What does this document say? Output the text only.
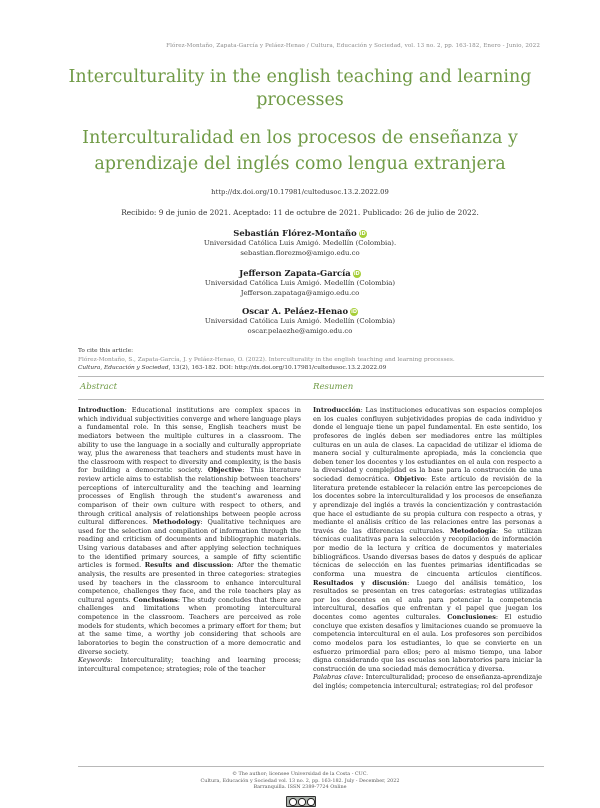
Flórez-Montaño, Zapata-García y Peláez-Henao / Cultura, Educación y Sociedad, vol. 13 no. 2, pp. 163-182, Enero - Junio, 2022
Interculturality in the english teaching and learning processes
Interculturalidad en los procesos de enseñanza y aprendizaje del inglés como lengua extranjera
http://dx.doi.org/10.17981/cultedusoc.13.2.2022.09
Recibido: 9 de junio de 2021. Aceptado: 11 de octubre de 2021. Publicado: 26 de julio de 2022.
Sebastián Flórez-Montaño iD
Universidad Católica Luis Amigó. Medellín (Colombia).
sebastian.florezmo@amigo.edu.co
Jefferson Zapata-García iD
Universidad Católica Luis Amigó. Medellín (Colombia)
Jefferson.zapataga@amigo.edu.co
Oscar A. Peláez-Henao iD
Universidad Católica Luis Amigó. Medellín (Colombia)
oscar.pelaezhe@amigo.edu.co
To cite this article:
Flórez-Montaño, S., Zapata-García, J. y Peláez-Henao, O. (2022). Interculturality in the english teaching and learning processes.
Cultura, Educación y Sociedad, 13(2), 163-182. DOI: http://dx.doi.org/10.17981/cultedusoc.13.2.2022.09
Abstract	Resumen
Introduction: Educational institutions are complex spaces in which individual subjectivities converge and where language plays a fundamental role. In this sense, English teachers must be mediators between the multiple cultures in a classroom. The ability to use the language in a socially and culturally appropriate way, plus the awareness that teachers and students must have in the classroom with respect to diversity and complexity, is the basis for building a democratic society. Objective: This literature review article aims to establish the relationship between teachers' perceptions of interculturality and the teaching and learning processes of English through the student's awareness and comparison of their own culture with respect to others, and through critical analysis of relationships between people across cultural differences. Methodology: Qualitative techniques are used for the selection and compilation of information through the reading and criticism of documents and bibliographic materials. Using various databases and after applying selection techniques to the identified primary sources, a sample of fifty scientific articles is formed. Results and discussion: After the thematic analysis, the results are presented in three categories: strategies used by teachers in the classroom to enhance intercultural competence, challenges they face, and the role teachers play as cultural agents. Conclusions: The study concludes that there are challenges and limitations when promoting intercultural competence in the classroom. Teachers are perceived as role models for students, which becomes a primary effort for them; but at the same time, a worthy job considering that schools are laboratories to begin the construction of a more democratic and diverse society.
Keywords: Interculturality; teaching and learning process; intercultural competence; strategies; role of the teacher
Introducción: Las instituciones educativas son espacios complejos en los cuales confluyen subjetividades propias de cada individuo y donde el lenguaje tiene un papel fundamental. En este sentido, los profesores de inglés deben ser mediadores entre las múltiples culturas en un aula de clases. La capacidad de utilizar el idioma de manera social y culturalmente apropiada, más la conciencia que deben tener los docentes y los estudiantes en el aula con respecto a la diversidad y complejidad es la base para la construcción de una sociedad democrática. Objetivo: Este artículo de revisión de la literatura pretende establecer la relación entre las percepciones de los docentes sobre la interculturalidad y los procesos de enseñanza y aprendizaje del inglés a través la concientización y contrastación que hace el estudiante de su propia cultura con respecto a otras, y mediante el análisis crítico de las relaciones entre las personas a través de las diferencias culturales. Metodología: Se utilizan técnicas cualitativas para la selección y recopilación de información por medio de la lectura y crítica de documentos y materiales bibliográficos. Usando diversas bases de datos y después de aplicar técnicas de selección en las fuentes primarias identificadas se conforma una muestra de cincuenta artículos científicos. Resultados y discusión: Luego del análisis temático, los resultados se presentan en tres categorías: estrategias utilizadas por los docentes en el aula para potenciar la competencia intercultural, desafíos que enfrentan y el papel que juegan los docentes como agentes culturales. Conclusiones: El estudio concluye que existen desafíos y limitaciones cuando se promueve la competencia intercultural en el aula. Los profesores son percibidos como modelos para los estudiantes, lo que se convierte en un esfuerzo primordial para ellos; pero al mismo tiempo, una labor digna considerando que las escuelas son laboratorios para iniciar la construcción de una sociedad más democrática y diversa.
Palabras clave: Interculturalidad; proceso de enseñanza-aprendizaje del inglés; competencia intercultural; estrategias; rol del profesor
© The author; licensee Universidad de la Costa - CUC.
Cultura, Educación y Sociedad vol. 13 no. 2, pp. 163-182. July - December, 2022
Barranquilla. ISSN 2389-7724 Online
